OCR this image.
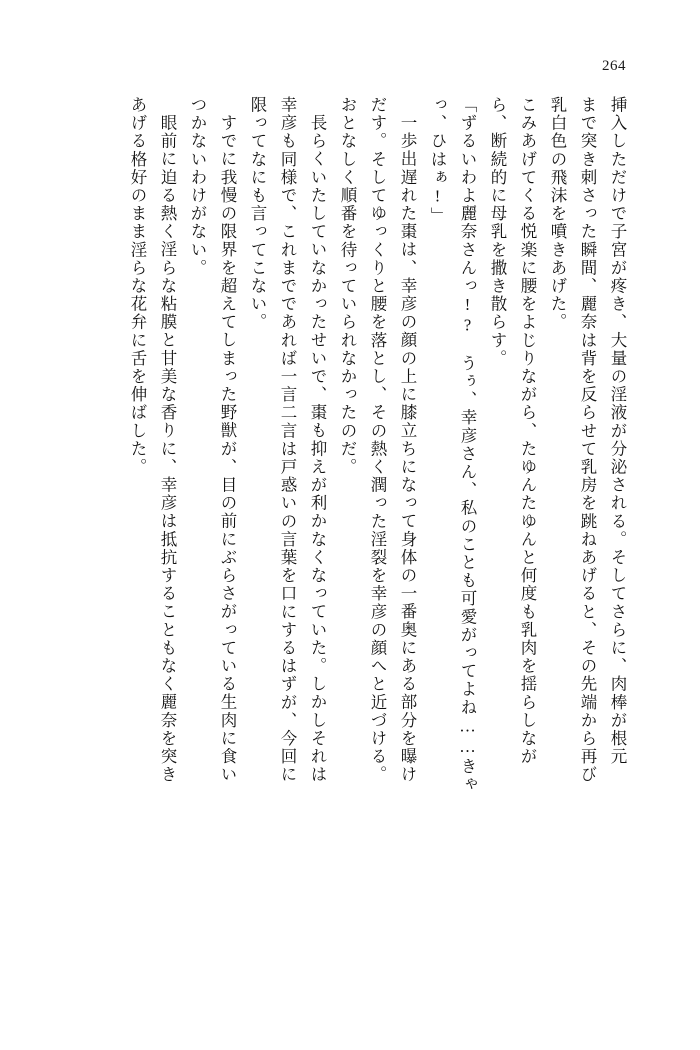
264
挿入しただけで子宮が疼き、大量の淫液が分泌される。そしてさらに、肉棒が根元
まで突き刺さった瞬間、麗奈は背を反らせて乳房を跳ねあげると、その先端から再び
乳白色の飛沫を噴きあげた。
こみあげてくる悦楽に腰をよじりながら、たゆんたゆんと何度も乳肉を揺らしなが
ら、断続的に母乳を撒き散らす。
「ずるいわよ麗奈さんっ!?　うぅ、幸彦さん、私のことも可愛がってよね……きゃ
っ、ひはぁ!」
一歩出遅れた棗は、幸彦の顔の上に膝立ちになって身体の一番奥にある部分を曝け
だす。そしてゆっくりと腰を落とし、その熱く潤った淫裂を幸彦の顔へと近づける。
おとなしく順番を待っていられなかったのだ。
長らくいたしていなかったせいで、棗も抑えが利かなくなっていた。しかしそれは
幸彦も同様で、これまでであれば一言二言は戸惑いの言葉を口にするはずが、今回に
限ってなにも言ってこない。
すでに我慢の限界を超えてしまった野獣が、目の前にぶらさがっている生肉に食い
つかないわけがない。
眼前に迫る熱く淫らな粘膜と甘美な香りに、幸彦は抵抗することもなく麗奈を突き
あげる格好のまま淫らな花弁に舌を伸ばした。
